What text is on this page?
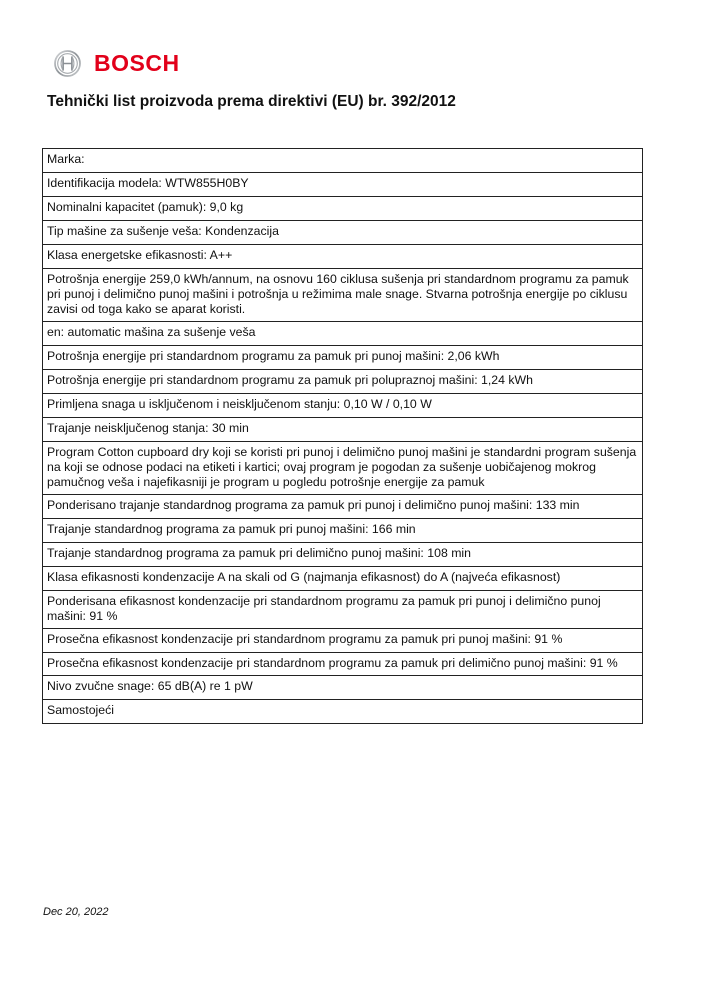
BOSCH
Tehnički list proizvoda prema direktivi (EU) br. 392/2012
Marka:
Identifikacija modela: WTW855H0BY
Nominalni kapacitet (pamuk): 9,0 kg
Tip mašine za sušenje veša: Kondenzacija
Klasa energetske efikasnosti: A++
Potrošnja energije 259,0 kWh/annum, na osnovu 160 ciklusa sušenja pri standardnom programu za pamuk pri punoj i delimično punoj mašini i potrošnja u režimima male snage. Stvarna potrošnja energije po ciklusu zavisi od toga kako se aparat koristi.
en: automatic mašina za sušenje veša
Potrošnja energije pri standardnom programu za pamuk pri punoj mašini: 2,06 kWh
Potrošnja energije pri standardnom programu za pamuk pri polupraznoj mašini: 1,24 kWh
Primljena snaga u isključenom i neisključenom stanju: 0,10 W / 0,10 W
Trajanje neisključenog stanja: 30 min
Program Cotton cupboard dry koji se koristi pri punoj i delimično punoj mašini je standardni program sušenja na koji se odnose podaci na etiketi i kartici; ovaj program je pogodan za sušenje uobičajenog mokrog pamučnog veša i najefikasniji je program u pogledu potrošnje energije za pamuk
Ponderisano trajanje standardnog programa za pamuk pri punoj i delimično punoj mašini: 133 min
Trajanje standardnog programa za pamuk pri punoj mašini: 166 min
Trajanje standardnog programa za pamuk pri delimično punoj mašini: 108 min
Klasa efikasnosti kondenzacije A na skali od G (najmanja efikasnost) do A (najveća efikasnost)
Ponderisana efikasnost kondenzacije pri standardnom programu za pamuk pri punoj i delimično punoj mašini: 91 %
Prosečna efikasnost kondenzacije pri standardnom programu za pamuk pri punoj mašini: 91 %
Prosečna efikasnost kondenzacije pri standardnom programu za pamuk pri delimično punoj mašini: 91 %
Nivo zvučne snage: 65 dB(A) re 1 pW
Samostojeći
Dec 20, 2022
